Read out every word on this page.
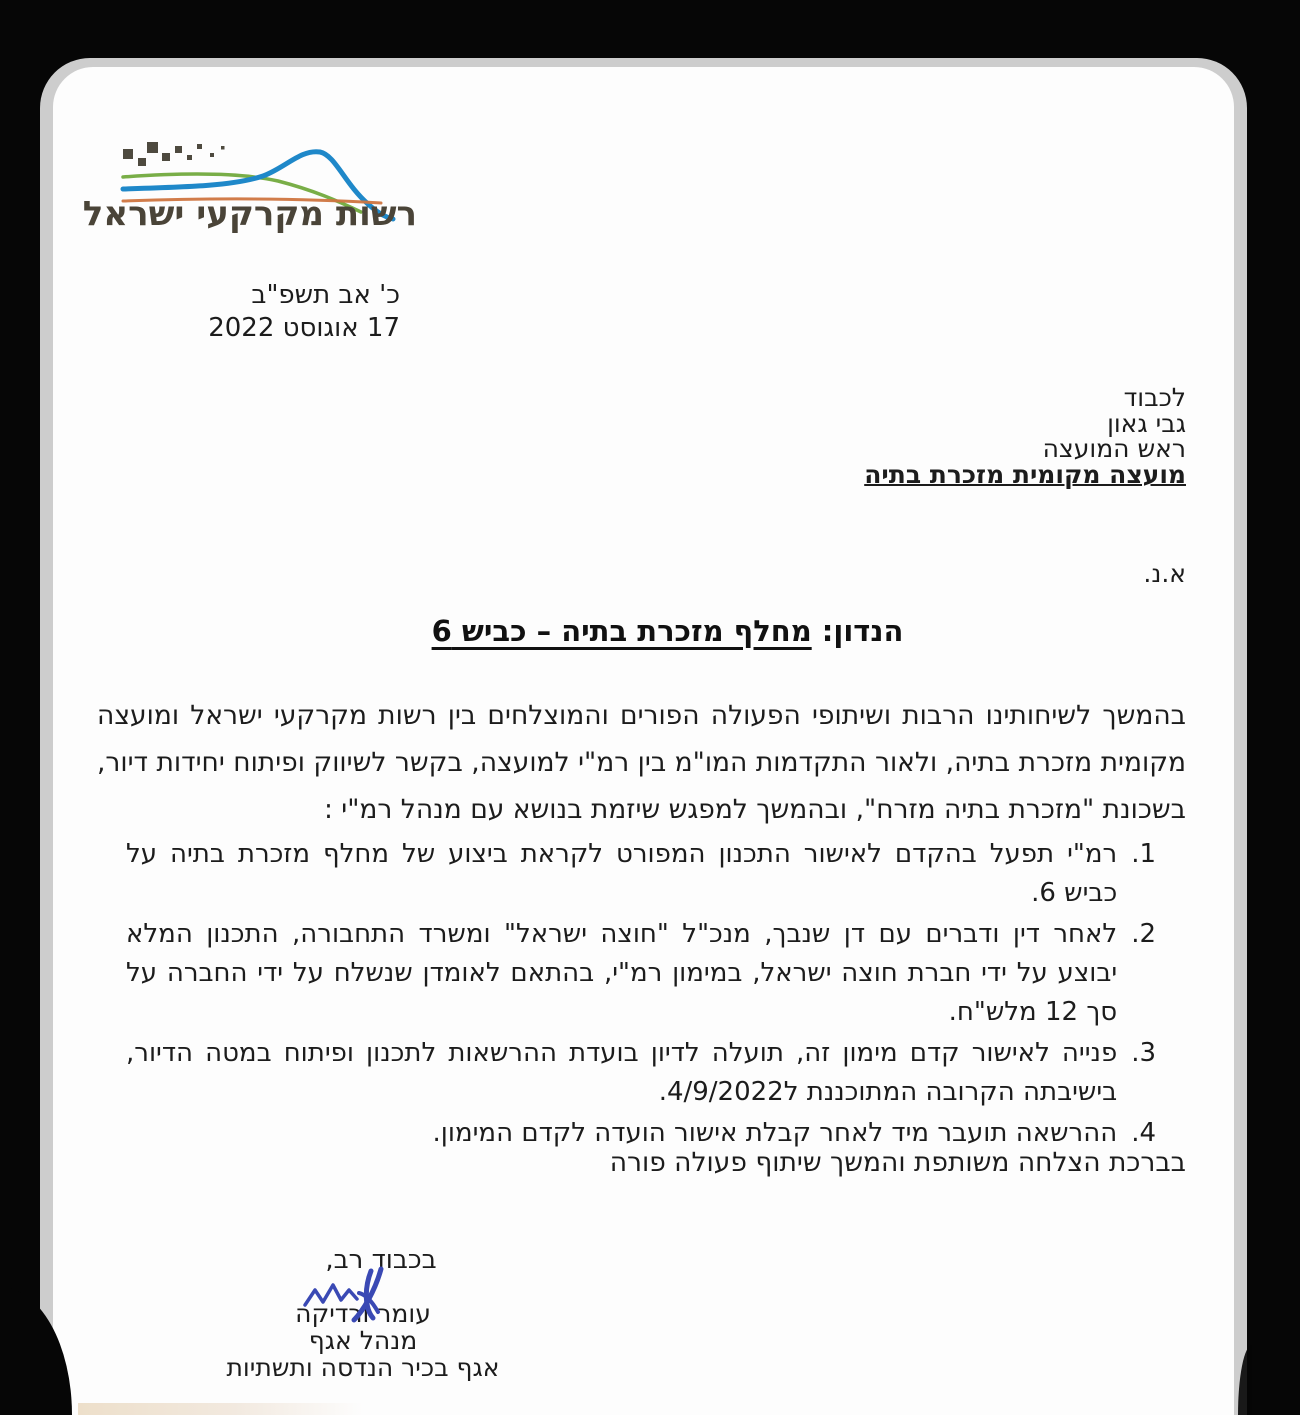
רשות מקרקעי ישראל
כ' אב תשפ"ב
17 אוגוסט 2022
לכבוד
גבי גאון
ראש המועצה
מועצה מקומית מזכרת בתיה
א.נ.
הנדון: מחלף מזכרת בתיה – כביש 6
בהמשך לשיחותינו הרבות ושיתופי הפעולה הפורים והמוצלחים בין רשות מקרקעי ישראל ומועצה מקומית מזכרת בתיה, ולאור התקדמות המו"מ בין רמ"י למועצה, בקשר לשיווק ופיתוח יחידות דיור, בשכונת "מזכרת בתיה מזרח", ובהמשך למפגש שיזמת בנושא עם מנהל רמ"י :
1.
רמ"י תפעל בהקדם לאישור התכנון המפורט לקראת ביצוע של מחלף מזכרת בתיה על כביש 6.
2.
לאחר דין ודברים עם דן שנבך, מנכ"ל "חוצה ישראל" ומשרד התחבורה, התכנון המלא יבוצע על ידי חברת חוצה ישראל, במימון רמ"י, בהתאם לאומדן שנשלח על ידי החברה על סך 12 מלש"ח.
3.
פנייה לאישור קדם מימון זה, תועלה לדיון בועדת ההרשאות לתכנון ופיתוח במטה הדיור, בישיבתה הקרובה המתוכננת ל4/9/2022.
4.
ההרשאה תועבר מיד לאחר קבלת אישור הועדה לקדם המימון.
בברכת הצלחה משותפת והמשך שיתוף פעולה פורה
בכבוד רב,
עומר ורדיקה
מנהל אגף
אגף בכיר הנדסה ותשתיות
